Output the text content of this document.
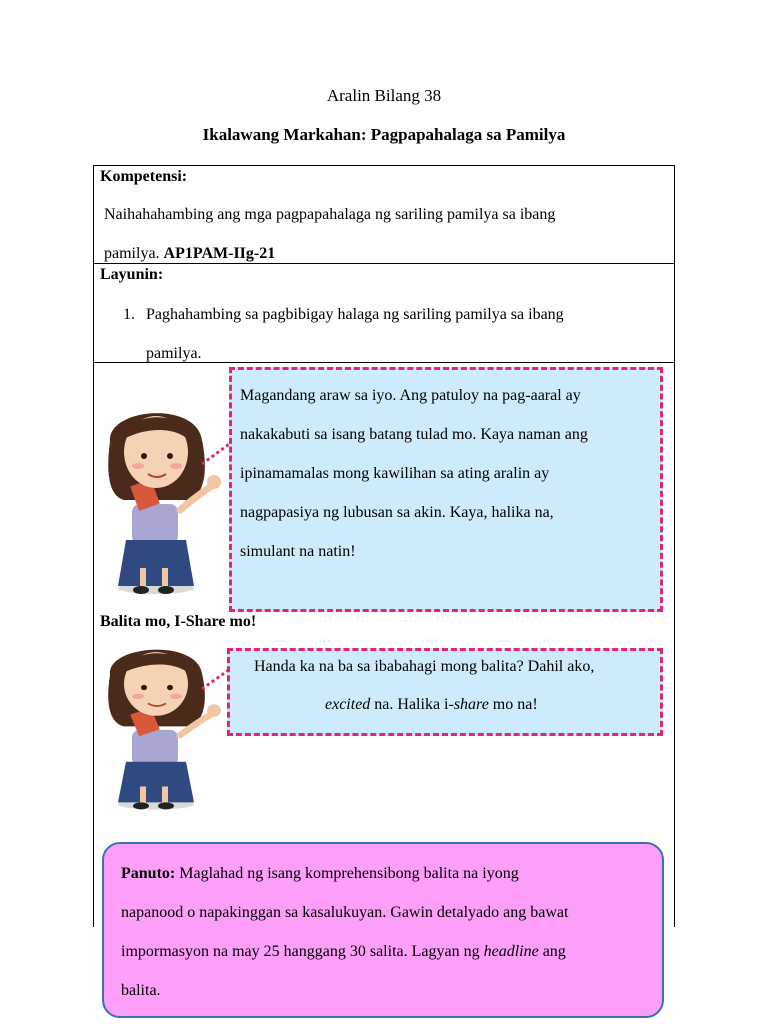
Aralin Bilang 38
Ikalawang Markahan: Pagpapahalaga sa Pamilya
Kompetensi:
Naihahahambing ang mga pagpapahalaga ng sariling pamilya sa ibang
pamilya. AP1PAM-IIg-21
Layunin:
1. Paghahambing sa pagbibigay halaga ng sariling pamilya sa ibang
pamilya.
Magandang araw sa iyo. Ang patuloy na pag-aaral ay
nakakabuti sa isang batang tulad mo. Kaya naman ang
ipinamamalas mong kawilihan sa ating aralin ay
nagpapasiya ng lubusan sa akin. Kaya, halika na,
simulant na natin!
Balita mo, I-Share mo!
Handa ka na ba sa ibabahagi mong balita? Dahil ako,
excited na. Halika i-share mo na!
Panuto: Maglahad ng isang komprehensibong balita na iyong
napanood o napakinggan sa kasalukuyan. Gawin detalyado ang bawat
impormasyon na may 25 hanggang 30 salita. Lagyan ng headline ang
balita.
